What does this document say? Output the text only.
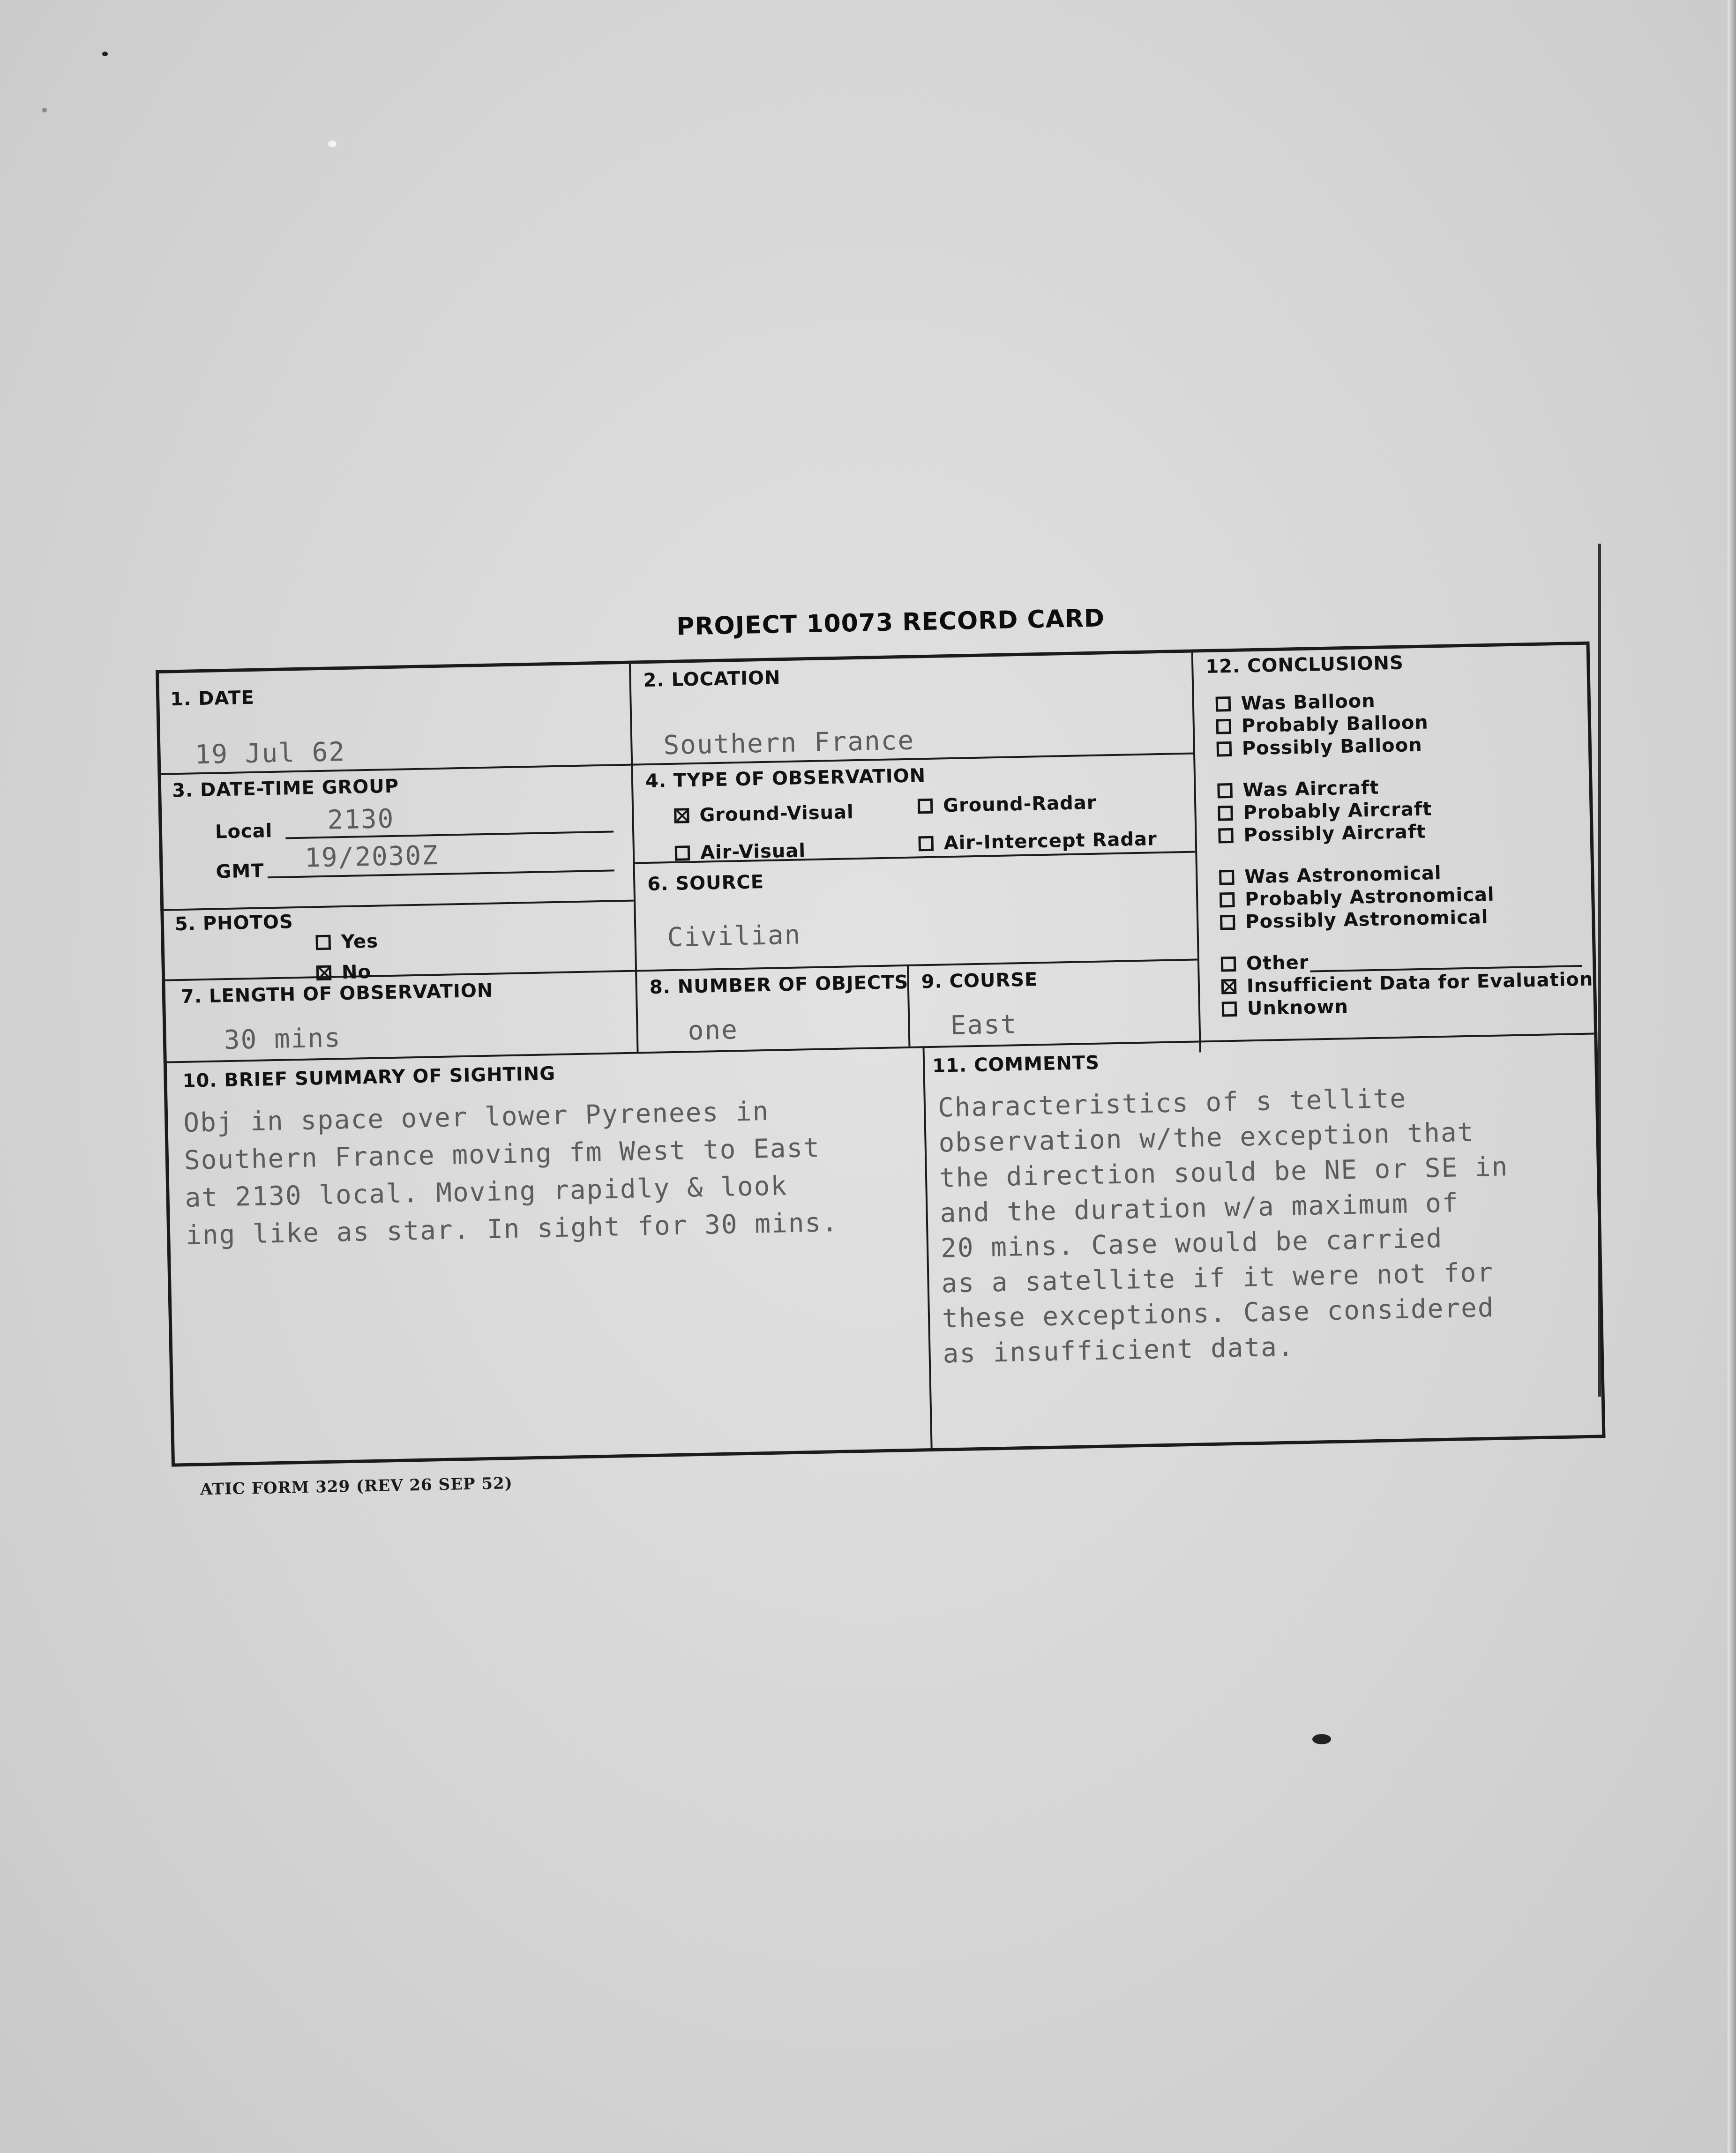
PROJECT 10073 RECORD CARD
1. DATE
19 Jul 62
2. LOCATION
Southern France
3. DATE-TIME GROUP
Local 2130
GMT 19/2030Z
4. TYPE OF OBSERVATION
Ground-Visual	Ground-Radar
Air-Visual	Air-Intercept Radar
5. PHOTOS
Yes
No
6. SOURCE
Civilian
7. LENGTH OF OBSERVATION
30 mins
8. NUMBER OF OBJECTS
one
9. COURSE
East
12. CONCLUSIONS
Was Balloon
Probably Balloon
Possibly Balloon
Was Aircraft
Probably Aircraft
Possibly Aircraft
Was Astronomical
Probably Astronomical
Possibly Astronomical
Other
Insufficient Data for Evaluation
Unknown
10. BRIEF SUMMARY OF SIGHTING
Obj in space over lower Pyrenees in
Southern France moving fm West to East
at 2130 local. Moving rapidly & look
ing like as star. In sight for 30 mins.
11. COMMENTS
Characteristics of s tellite
observation w/the exception that
the direction sould be NE or SE in
and the duration w/a maximum of
20 mins. Case would be carried
as a satellite if it were not for
these exceptions. Case considered
as insufficient data.
ATIC FORM 329 (REV 26 SEP 52)
